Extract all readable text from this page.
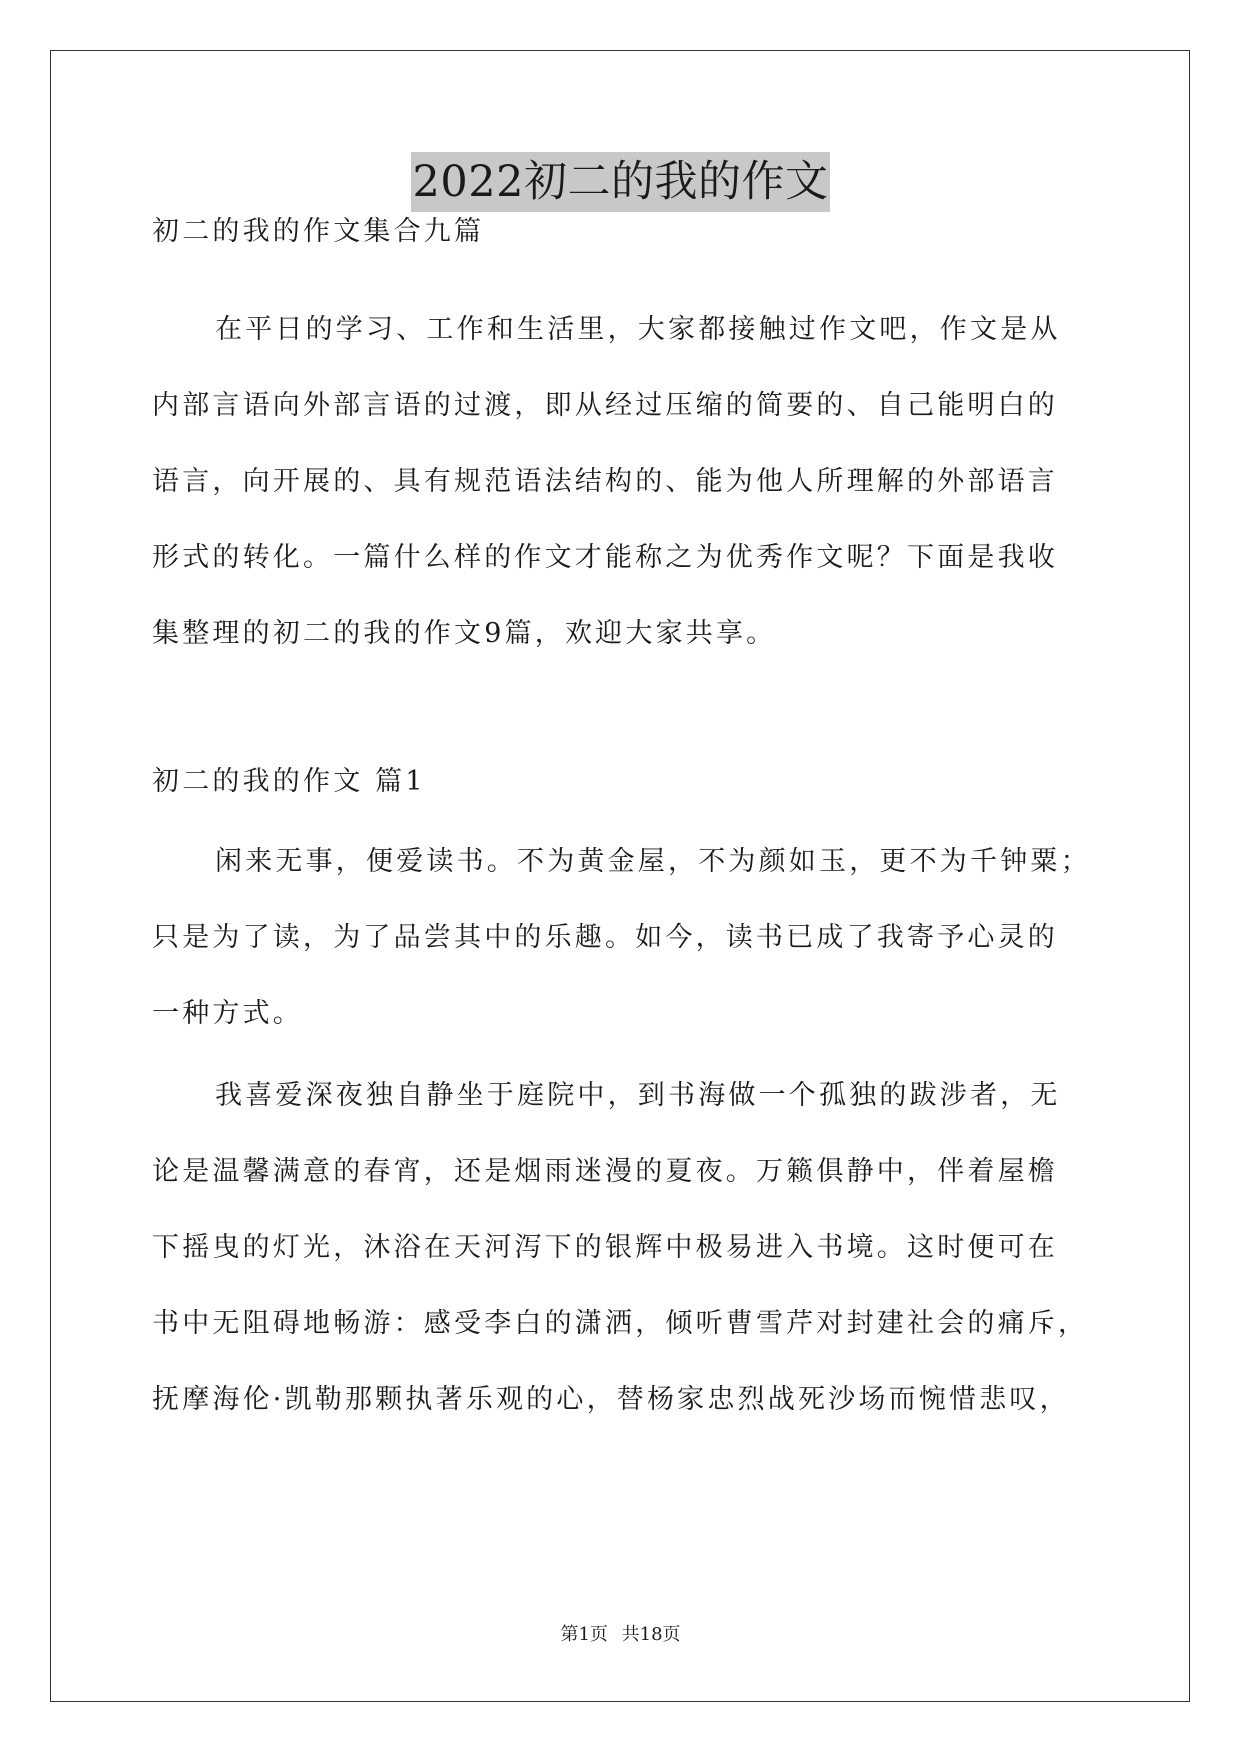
2022初二的我的作文
初二的我的作文集合九篇
在平日的学习、工作和生活里，大家都接触过作文吧，作文是从
内部言语向外部言语的过渡，即从经过压缩的简要的、自己能明白的
语言，向开展的、具有规范语法结构的、能为他人所理解的外部语言
形式的转化。一篇什么样的作文才能称之为优秀作文呢？下面是我收
集整理的初二的我的作文9篇，欢迎大家共享。
初二的我的作文 篇1
闲来无事，便爱读书。不为黄金屋，不为颜如玉，更不为千钟粟；
只是为了读，为了品尝其中的乐趣。如今，读书已成了我寄予心灵的
一种方式。
我喜爱深夜独自静坐于庭院中，到书海做一个孤独的跋涉者，无
论是温馨满意的春宵，还是烟雨迷漫的夏夜。万籁俱静中，伴着屋檐
下摇曳的灯光，沐浴在天河泻下的银辉中极易进入书境。这时便可在
书中无阻碍地畅游：感受李白的潇洒，倾听曹雪芹对封建社会的痛斥，
抚摩海伦·凯勒那颗执著乐观的心，替杨家忠烈战死沙场而惋惜悲叹，
第1页 共18页
